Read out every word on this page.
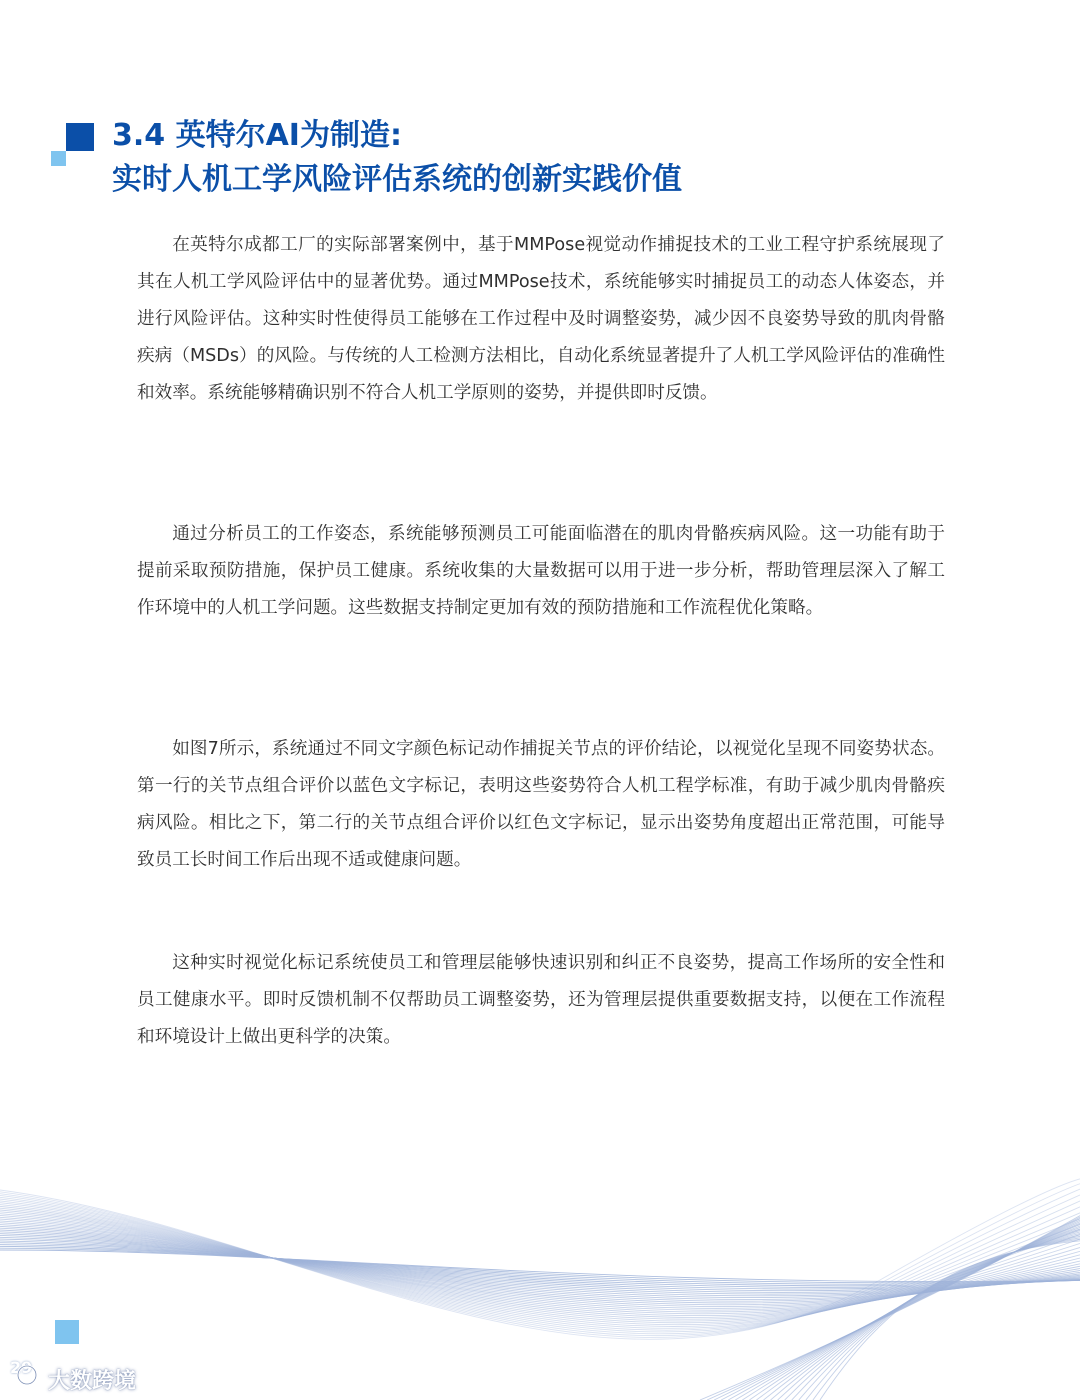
3.4 英特尔AI为制造:
实时人机工学风险评估系统的创新实践价值

在英特尔成都工厂的实际部署案例中，基于MMPose视觉动作捕捉技术的工业工程守护系统展现了其在人机工学风险评估中的显著优势。通过MMPose技术，系统能够实时捕捉员工的动态人体姿态，并进行风险评估。这种实时性使得员工能够在工作过程中及时调整姿势，减少因不良姿势导致的肌肉骨骼疾病（MSDs）的风险。与传统的人工检测方法相比，自动化系统显著提升了人机工学风险评估的准确性和效率。系统能够精确识别不符合人机工学原则的姿势，并提供即时反馈。

通过分析员工的工作姿态，系统能够预测员工可能面临潜在的肌肉骨骼疾病风险。这一功能有助于提前采取预防措施，保护员工健康。系统收集的大量数据可以用于进一步分析，帮助管理层深入了解工作环境中的人机工学问题。这些数据支持制定更加有效的预防措施和工作流程优化策略。

如图7所示，系统通过不同文字颜色标记动作捕捉关节点的评价结论，以视觉化呈现不同姿势状态。第一行的关节点组合评价以蓝色文字标记，表明这些姿势符合人机工程学标准，有助于减少肌肉骨骼疾病风险。相比之下，第二行的关节点组合评价以红色文字标记，显示出姿势角度超出正常范围，可能导致员工长时间工作后出现不适或健康问题。

这种实时视觉化标记系统使员工和管理层能够快速识别和纠正不良姿势，提高工作场所的安全性和员工健康水平。即时反馈机制不仅帮助员工调整姿势，还为管理层提供重要数据支持，以便在工作流程和环境设计上做出更科学的决策。

29
大数跨境
